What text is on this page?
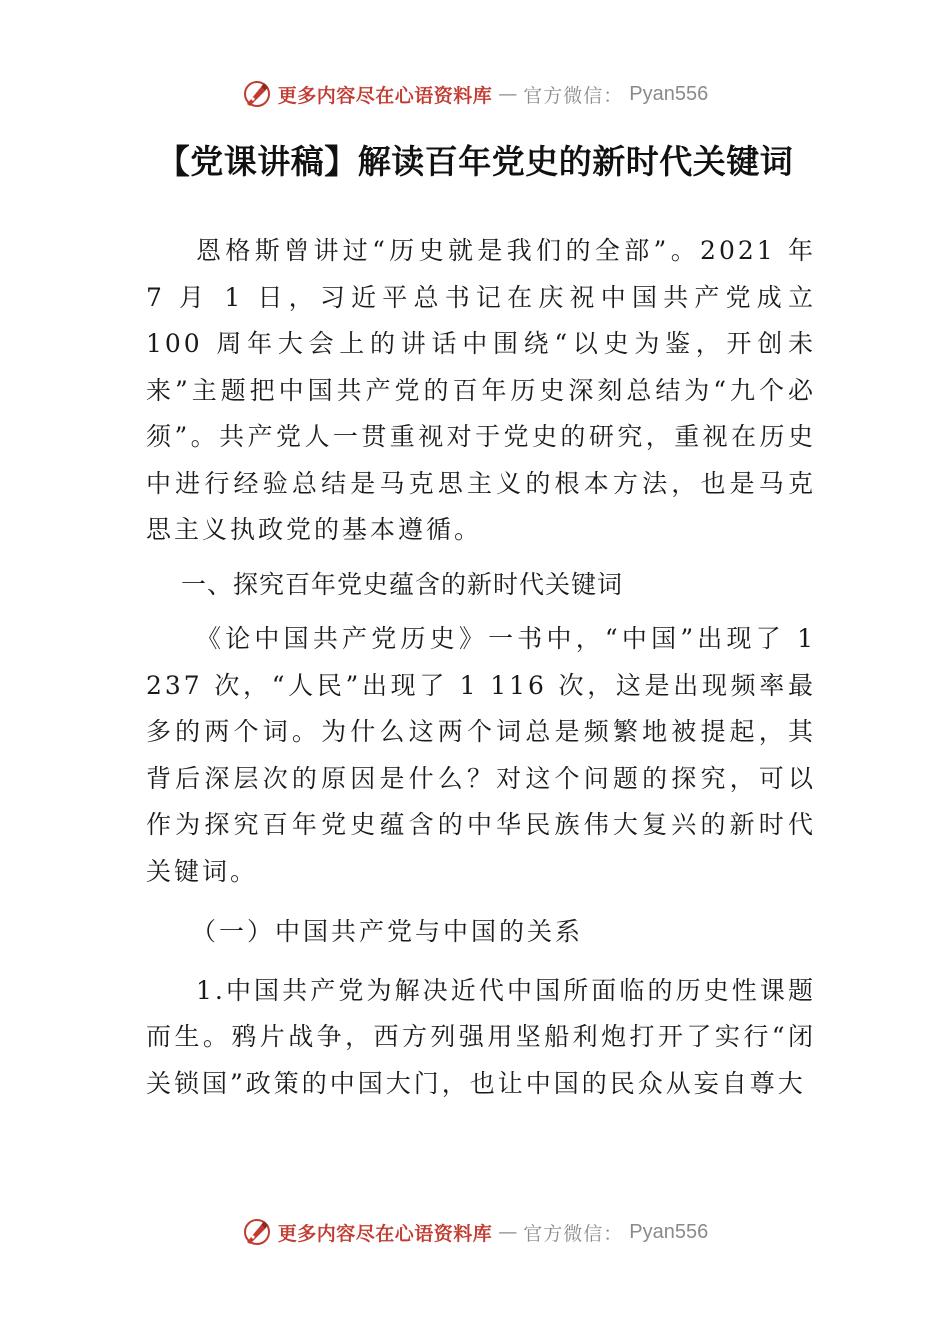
更多内容尽在心语资料库 — 官方微信： Pyan556
【党课讲稿】解读百年党史的新时代关键词

恩格斯曾讲过“历史就是我们的全部”。2021 年 7 月 1 日，习近平总书记在庆祝中国共产党成立 100 周年大会上的讲话中围绕“以史为鉴，开创未来”主题把中国共产党的百年历史深刻总结为“九个必须”。共产党人一贯重视对于党史的研究，重视在历史中进行经验总结是马克思主义的根本方法，也是马克思主义执政党的基本遵循。

一、探究百年党史蕴含的新时代关键词

《论中国共产党历史》一书中，“中国”出现了 1 237 次，“人民”出现了 1 116 次，这是出现频率最多的两个词。为什么这两个词总是频繁地被提起，其背后深层次的原因是什么？对这个问题的探究，可以作为探究百年党史蕴含的中华民族伟大复兴的新时代关键词。

（一）中国共产党与中国的关系

1.中国共产党为解决近代中国所面临的历史性课题而生。鸦片战争，西方列强用坚船利炮打开了实行“闭关锁国”政策的中国大门，也让中国的民众从妄自尊大

更多内容尽在心语资料库 — 官方微信： Pyan556
